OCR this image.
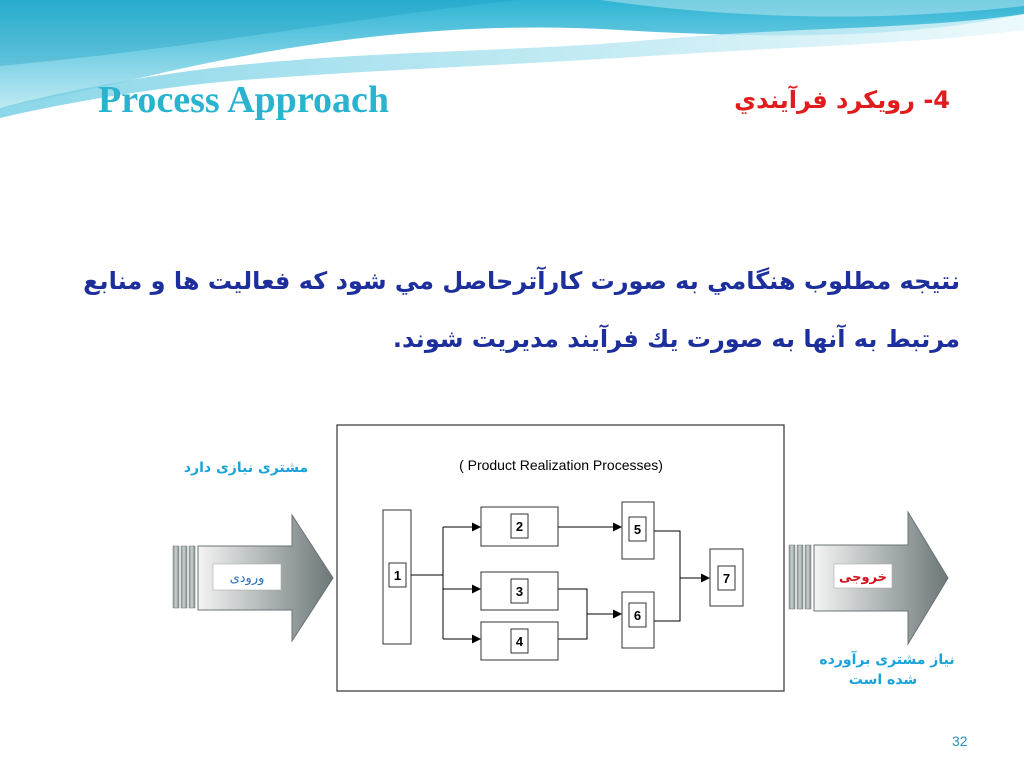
Process Approach	4- رويكرد فرآيندي
نتيجه مطلوب هنگامي به صورت كارآترحاصل مي شود كه فعاليت ها و منابع مرتبط به آنها به صورت يك فرآيند مديريت شوند.
ورودی	خروجی
مشتری نیازی دارد
نیاز مشتری برآورده
شده است
( Product Realization Processes)
1
2
3
4
5
6
7
32
